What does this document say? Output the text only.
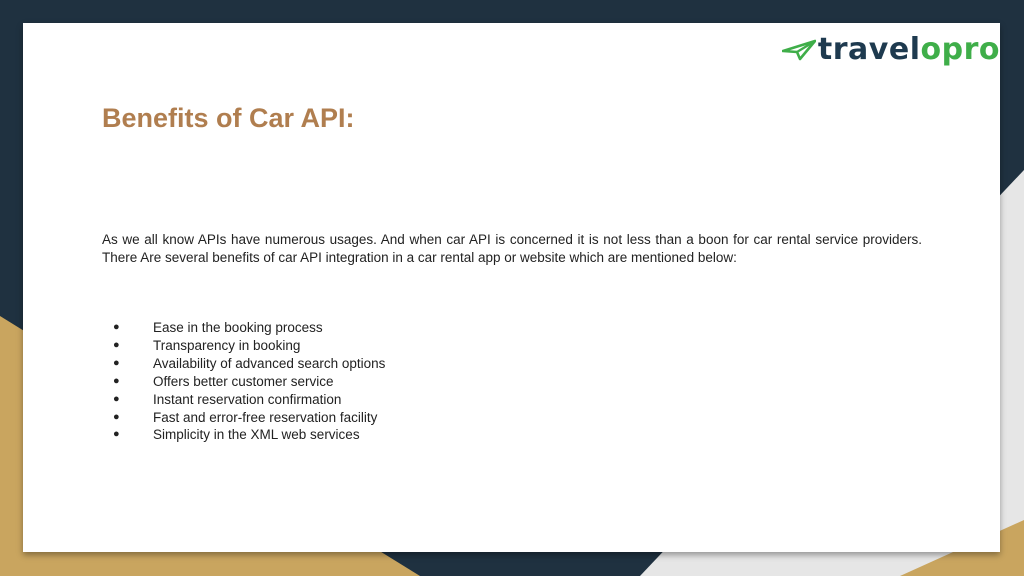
travelopro
Benefits of Car API:

As we all know APIs have numerous usages. And when car API is concerned it is not less than a boon for car rental service providers. There Are several benefits of car API integration in a car rental app or website which are mentioned below:

●	Ease in the booking process
●	Transparency in booking
●	Availability of advanced search options
●	Offers better customer service
●	Instant reservation confirmation
●	Fast and error-free reservation facility
●	Simplicity in the XML web services
